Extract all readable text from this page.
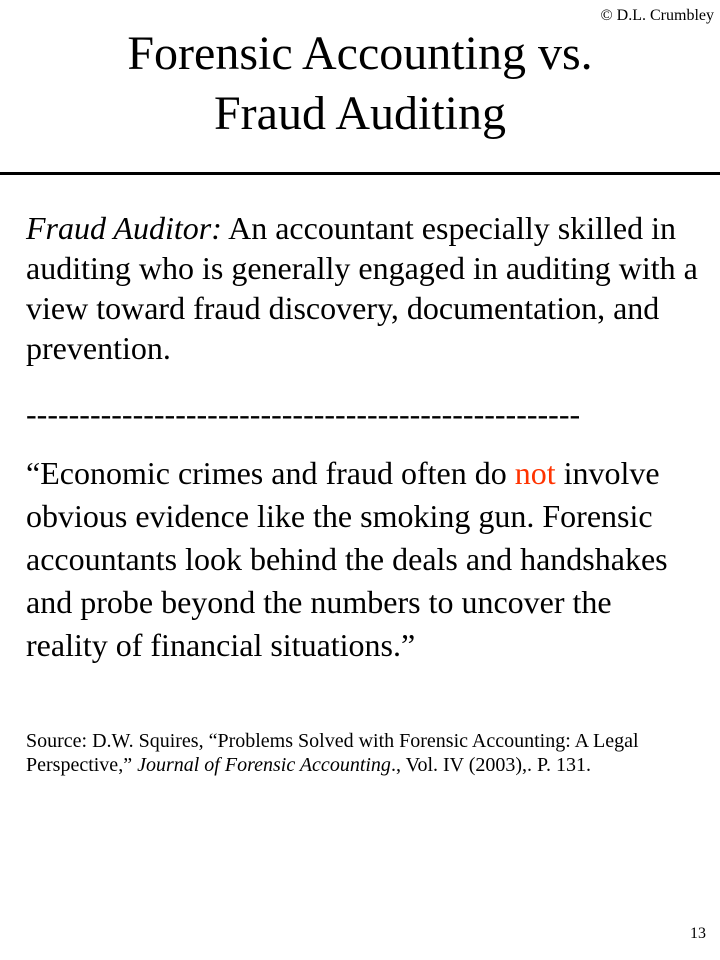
© D.L. Crumbley
Forensic Accounting vs.
Fraud Auditing
Fraud Auditor: An accountant especially skilled in auditing who is generally engaged in auditing with a view toward fraud discovery, documentation, and prevention.
----------------------------------------------------
“Economic crimes and fraud often do not involve obvious evidence like the smoking gun. Forensic accountants look behind the deals and handshakes and probe beyond the numbers to uncover the reality of financial situations.”
Source: D.W. Squires, “Problems Solved with Forensic Accounting: A Legal Perspective,” Journal of Forensic Accounting., Vol. IV (2003),. P. 131.
13
